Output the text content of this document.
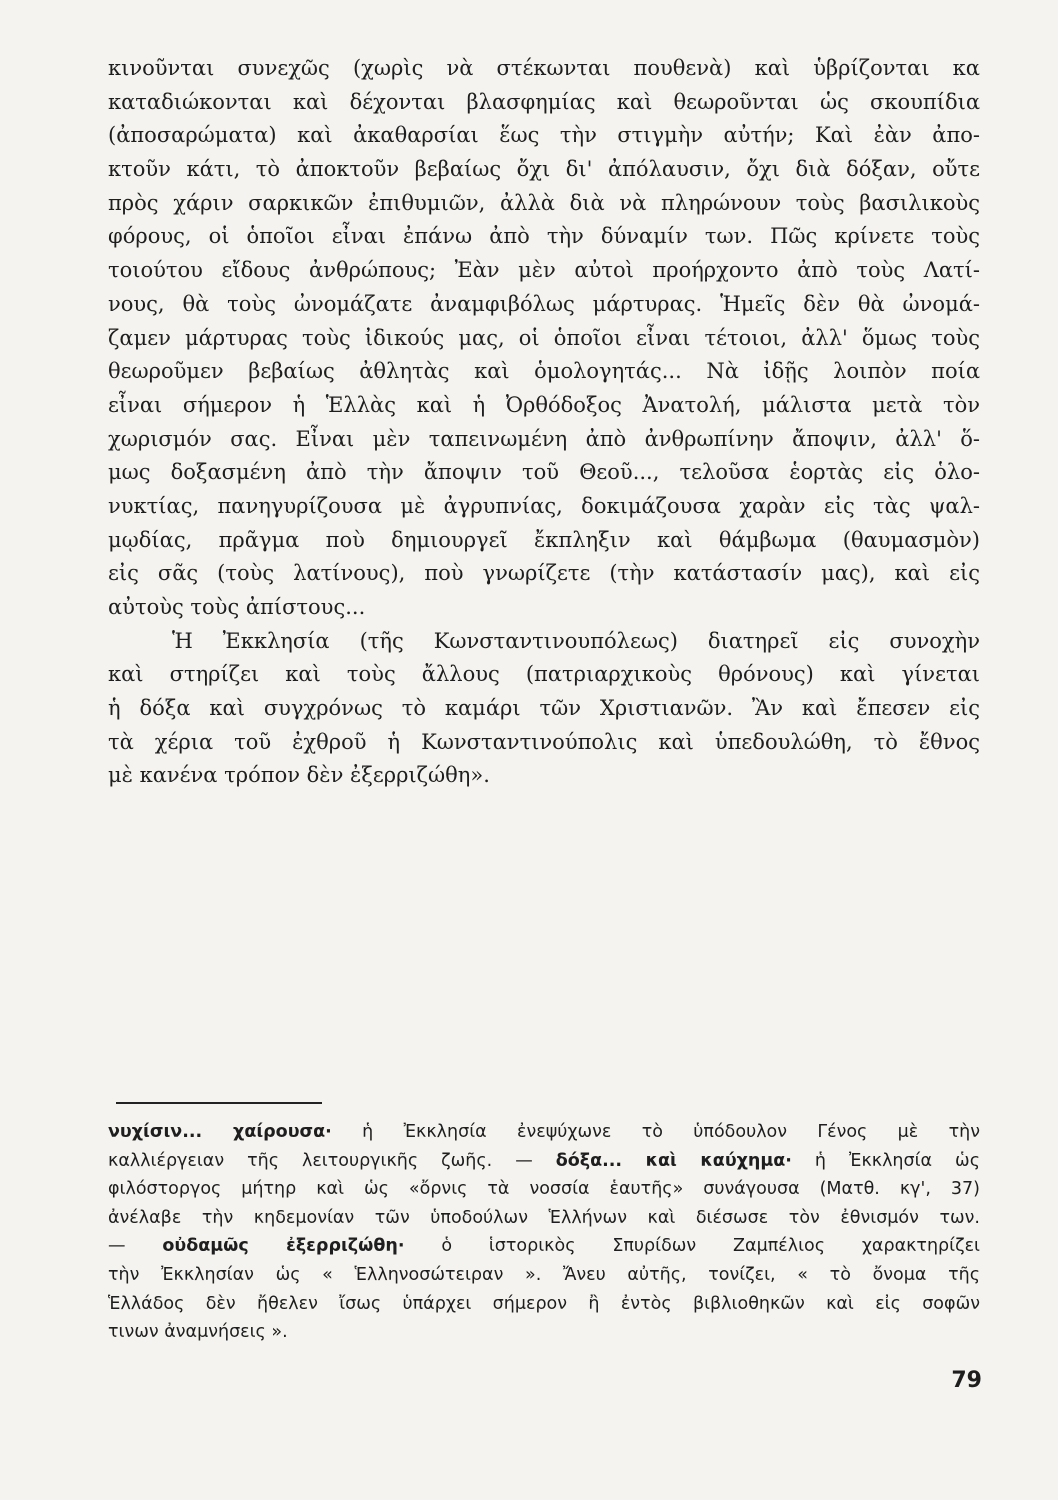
κινοῦνται συνεχῶς (χωρὶς νὰ στέκωνται πουθενὰ) καὶ ὑβρίζονται κα
καταδιώκονται καὶ δέχονται βλασφημίας καὶ θεωροῦνται ὡς σκουπίδια
(ἀποσαρώματα) καὶ ἀκαθαρσίαι ἕως τὴν στιγμὴν αὐτήν; Καὶ ἐὰν ἀπο-
κτοῦν κάτι, τὸ ἀποκτοῦν βεβαίως ὄχι δι' ἀπόλαυσιν, ὄχι διὰ δόξαν, οὔτε
πρὸς χάριν σαρκικῶν ἐπιθυμιῶν, ἀλλὰ διὰ νὰ πληρώνουν τοὺς βασιλικοὺς
φόρους, οἱ ὁποῖοι εἶναι ἐπάνω ἀπὸ τὴν δύναμίν των. Πῶς κρίνετε τοὺς
τοιούτου εἴδους ἀνθρώπους; Ἐὰν μὲν αὐτοὶ προήρχοντο ἀπὸ τοὺς Λατί-
νους, θὰ τοὺς ὠνομάζατε ἀναμφιβόλως μάρτυρας. Ἡμεῖς δὲν θὰ ὠνομά-
ζαμεν μάρτυρας τοὺς ἰδικούς μας, οἱ ὁποῖοι εἶναι τέτοιοι, ἀλλ' ὅμως τοὺς
θεωροῦμεν βεβαίως ἀθλητὰς καὶ ὁμολογητάς... Νὰ ἰδῇς λοιπὸν ποία
εἶναι σήμερον ἡ Ἑλλὰς καὶ ἡ Ὀρθόδοξος Ἀνατολή, μάλιστα μετὰ τὸν
χωρισμόν σας. Εἶναι μὲν ταπεινωμένη ἀπὸ ἀνθρωπίνην ἄποψιν, ἀλλ' ὅ-
μως δοξασμένη ἀπὸ τὴν ἄποψιν τοῦ Θεοῦ..., τελοῦσα ἑορτὰς εἰς ὁλο-
νυκτίας, πανηγυρίζουσα μὲ ἀγρυπνίας, δοκιμάζουσα χαρὰν εἰς τὰς ψαλ-
μῳδίας, πρᾶγμα ποὺ δημιουργεῖ ἔκπληξιν καὶ θάμβωμα (θαυμασμὸν)
εἰς σᾶς (τοὺς λατίνους), ποὺ γνωρίζετε (τὴν κατάστασίν μας), καὶ εἰς
αὐτοὺς τοὺς ἀπίστους...
Ἡ Ἐκκλησία (τῆς Κωνσταντινουπόλεως) διατηρεῖ εἰς συνοχὴν
καὶ στηρίζει καὶ τοὺς ἄλλους (πατριαρχικοὺς θρόνους) καὶ γίνεται
ἡ δόξα καὶ συγχρόνως τὸ καμάρι τῶν Χριστιανῶν. Ἂν καὶ ἔπεσεν εἰς
τὰ χέρια τοῦ ἐχθροῦ ἡ Κωνσταντινούπολις καὶ ὑπεδουλώθη, τὸ ἔθνος
μὲ κανένα τρόπον δὲν ἐξερριζώθη».
νυχίσιν... χαίρουσα· ἡ Ἐκκλησία ἐνεψύχωνε τὸ ὑπόδουλον Γένος μὲ τὴν
καλλιέργειαν τῆς λειτουργικῆς ζωῆς. — δόξα... καὶ καύχημα· ἡ Ἐκκλησία ὡς
φιλόστοργος μήτηρ καὶ ὡς «ὄρνις τὰ νοσσία ἑαυτῆς» συνάγουσα (Ματθ. κγ', 37)
ἀνέλαβε τὴν κηδεμονίαν τῶν ὑποδούλων Ἑλλήνων καὶ διέσωσε τὸν ἐθνισμόν των.
— οὐδαμῶς ἐξερριζώθη· ὁ ἱστορικὸς Σπυρίδων Ζαμπέλιος χαρακτηρίζει
τὴν Ἐκκλησίαν ὡς « Ἑλληνοσώτειραν ». Ἄνευ αὐτῆς, τονίζει, « τὸ ὄνομα τῆς
Ἑλλάδος δὲν ἤθελεν ἴσως ὑπάρχει σήμερον ἢ ἐντὸς βιβλιοθηκῶν καὶ εἰς σοφῶν
τινων ἀναμνήσεις ».
79
